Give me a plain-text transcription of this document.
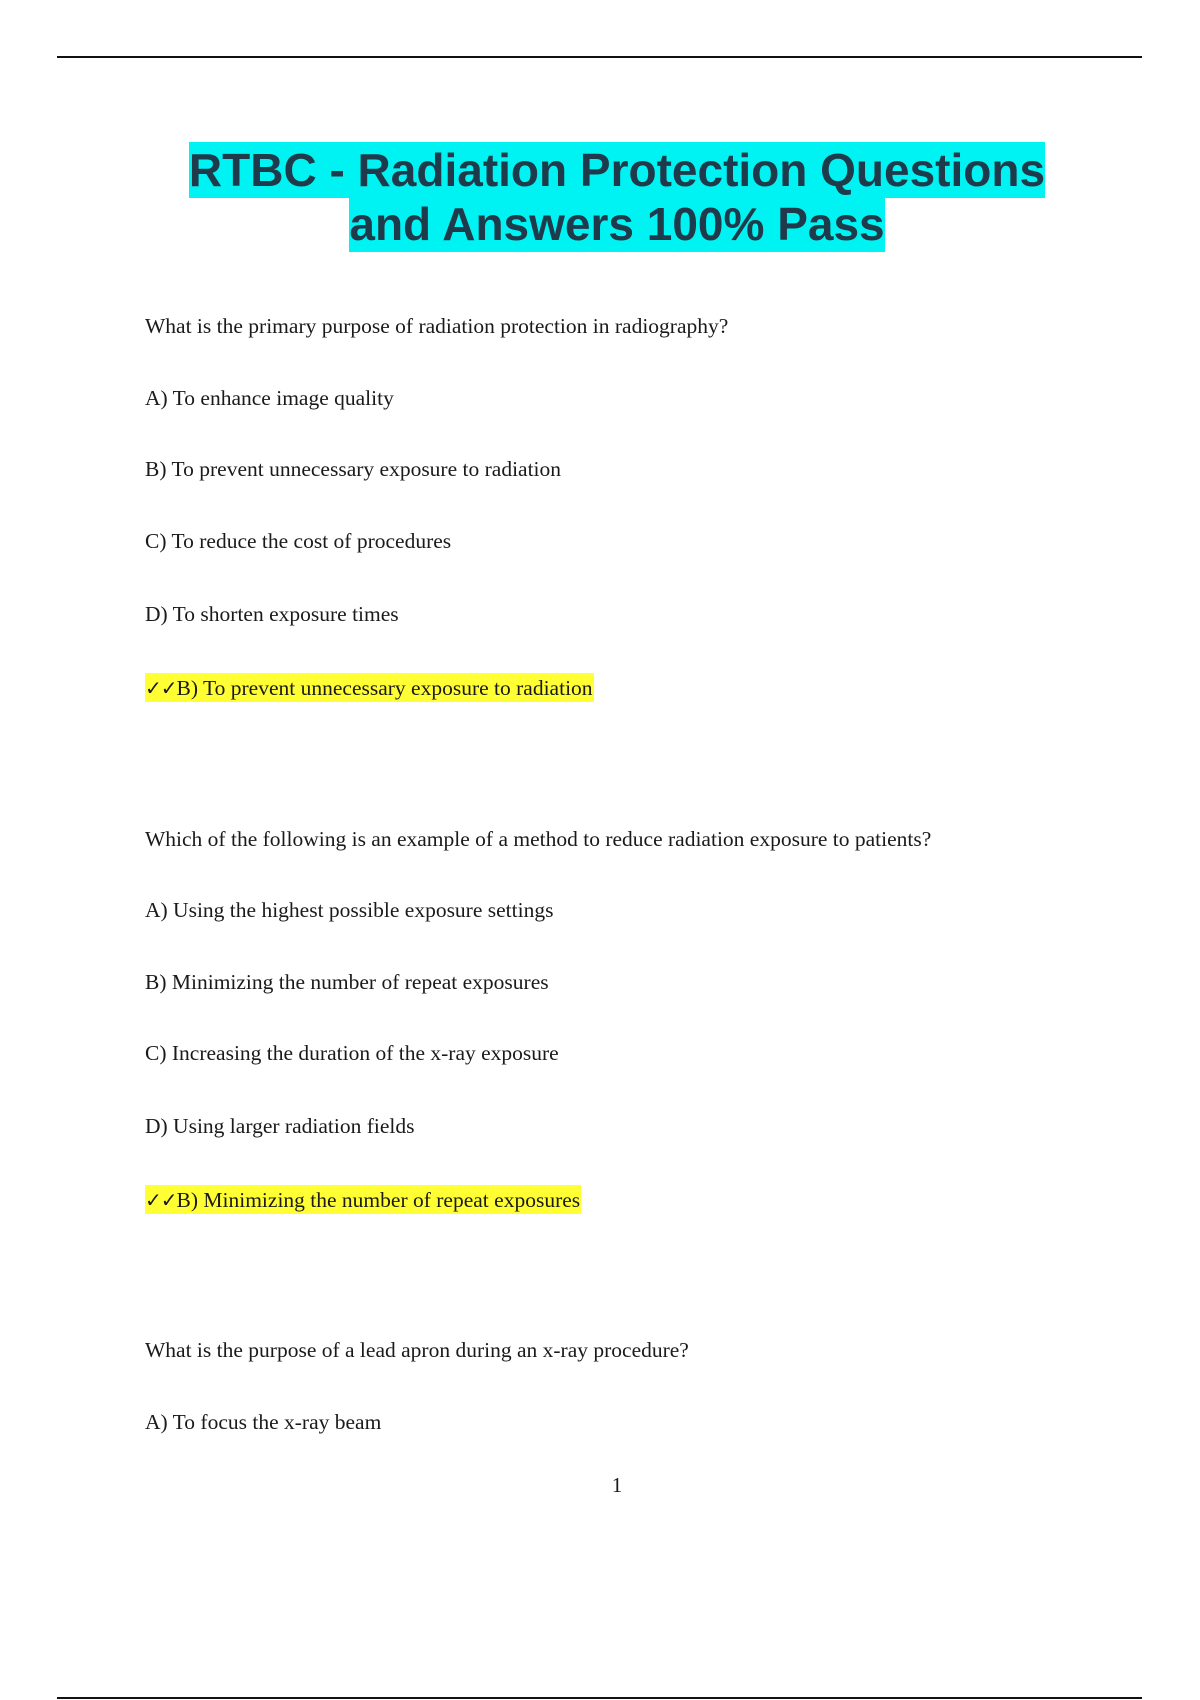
RTBC - Radiation Protection Questions
and Answers 100% Pass
What is the primary purpose of radiation protection in radiography?
A) To enhance image quality
B) To prevent unnecessary exposure to radiation
C) To reduce the cost of procedures
D) To shorten exposure times
✓✓B) To prevent unnecessary exposure to radiation
Which of the following is an example of a method to reduce radiation exposure to patients?
A) Using the highest possible exposure settings
B) Minimizing the number of repeat exposures
C) Increasing the duration of the x-ray exposure
D) Using larger radiation fields
✓✓B) Minimizing the number of repeat exposures
What is the purpose of a lead apron during an x-ray procedure?
A) To focus the x-ray beam
1
